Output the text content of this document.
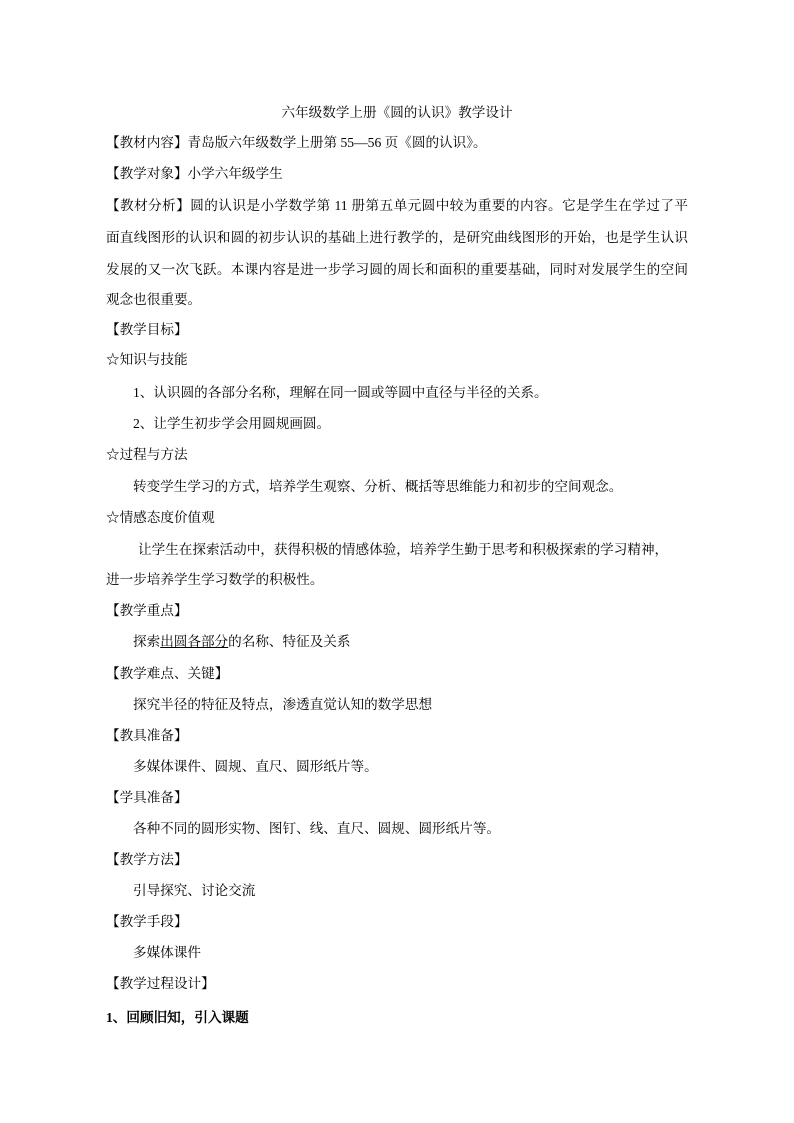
六年级数学上册《圆的认识》教学设计
【教材内容】青岛版六年级数学上册第 55—56 页《圆的认识》。
【教学对象】小学六年级学生
【教材分析】圆的认识是小学数学第 11 册第五单元圆中较为重要的内容。它是学生在学过了平
面直线图形的认识和圆的初步认识的基础上进行教学的，是研究曲线图形的开始，也是学生认识
发展的又一次飞跃。本课内容是进一步学习圆的周长和面积的重要基础，同时对发展学生的空间
观念也很重要。
【教学目标】
☆知识与技能
1、认识圆的各部分名称，理解在同一圆或等圆中直径与半径的关系。
2、让学生初步学会用圆规画圆。
☆过程与方法
转变学生学习的方式，培养学生观察、分析、概括等思维能力和初步的空间观念。
☆情感态度价值观
让学生在探索活动中，获得积极的情感体验，培养学生勤于思考和积极探索的学习精神，
进一步培养学生学习数学的积极性。
【教学重点】
探索出圆各部分的名称、特征及关系
【教学难点、关键】
探究半径的特征及特点，渗透直觉认知的数学思想
【教具准备】
多媒体课件、圆规、直尺、圆形纸片等。
【学具准备】
各种不同的圆形实物、图钉、线、直尺、圆规、圆形纸片等。
【教学方法】
引导探究、讨论交流
【教学手段】
多媒体课件
【教学过程设计】
1、回顾旧知，引入课题
